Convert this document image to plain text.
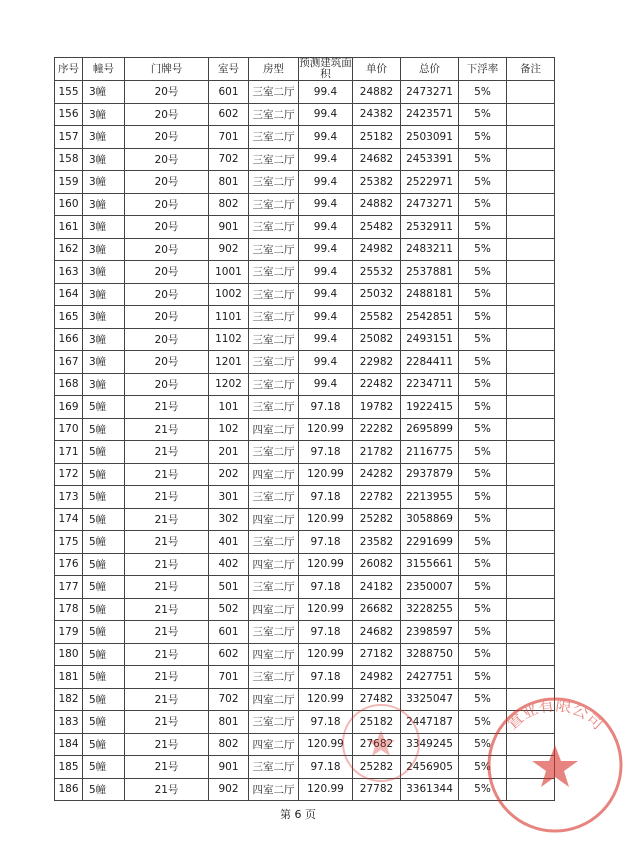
序号	幢号	门牌号	室号	房型	预测建筑面积	单价	总价	下浮率	备注
155	3幢	20号	601	三室二厅	99.4	24882	2473271	5%	
156	3幢	20号	602	三室二厅	99.4	24382	2423571	5%	
157	3幢	20号	701	三室二厅	99.4	25182	2503091	5%	
158	3幢	20号	702	三室二厅	99.4	24682	2453391	5%	
159	3幢	20号	801	三室二厅	99.4	25382	2522971	5%	
160	3幢	20号	802	三室二厅	99.4	24882	2473271	5%	
161	3幢	20号	901	三室二厅	99.4	25482	2532911	5%	
162	3幢	20号	902	三室二厅	99.4	24982	2483211	5%	
163	3幢	20号	1001	三室二厅	99.4	25532	2537881	5%	
164	3幢	20号	1002	三室二厅	99.4	25032	2488181	5%	
165	3幢	20号	1101	三室二厅	99.4	25582	2542851	5%	
166	3幢	20号	1102	三室二厅	99.4	25082	2493151	5%	
167	3幢	20号	1201	三室二厅	99.4	22982	2284411	5%	
168	3幢	20号	1202	三室二厅	99.4	22482	2234711	5%	
169	5幢	21号	101	三室二厅	97.18	19782	1922415	5%	
170	5幢	21号	102	四室二厅	120.99	22282	2695899	5%	
171	5幢	21号	201	三室二厅	97.18	21782	2116775	5%	
172	5幢	21号	202	四室二厅	120.99	24282	2937879	5%	
173	5幢	21号	301	三室二厅	97.18	22782	2213955	5%	
174	5幢	21号	302	四室二厅	120.99	25282	3058869	5%	
175	5幢	21号	401	三室二厅	97.18	23582	2291699	5%	
176	5幢	21号	402	四室二厅	120.99	26082	3155661	5%	
177	5幢	21号	501	三室二厅	97.18	24182	2350007	5%	
178	5幢	21号	502	四室二厅	120.99	26682	3228255	5%	
179	5幢	21号	601	三室二厅	97.18	24682	2398597	5%	
180	5幢	21号	602	四室二厅	120.99	27182	3288750	5%	
181	5幢	21号	701	三室二厅	97.18	24982	2427751	5%	
182	5幢	21号	702	四室二厅	120.99	27482	3325047	5%	
183	5幢	21号	801	三室二厅	97.18	25182	2447187	5%	
184	5幢	21号	802	四室二厅	120.99	27682	3349245	5%	
185	5幢	21号	901	三室二厅	97.18	25282	2456905	5%	
186	5幢	21号	902	四室二厅	120.99	27782	3361344	5%	
第 6 页
置业有限公司
